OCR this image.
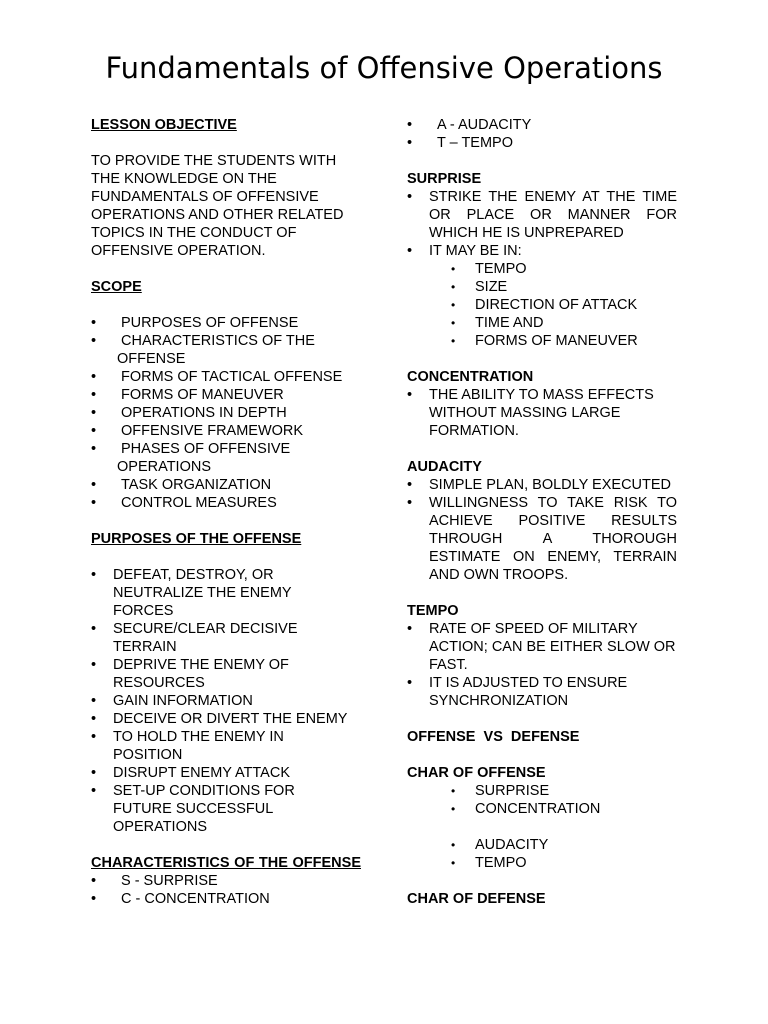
Fundamentals of Offensive Operations

LESSON OBJECTIVE

TO PROVIDE THE STUDENTS WITH THE KNOWLEDGE ON THE FUNDAMENTALS OF OFFENSIVE OPERATIONS AND OTHER RELATED TOPICS IN THE CONDUCT OF OFFENSIVE OPERATION.

SCOPE

• PURPOSES OF OFFENSE
• CHARACTERISTICS OF THE OFFENSE
• FORMS OF TACTICAL OFFENSE
• FORMS OF MANEUVER
• OPERATIONS IN DEPTH
• OFFENSIVE FRAMEWORK
• PHASES OF OFFENSIVE OPERATIONS
• TASK ORGANIZATION
• CONTROL MEASURES

PURPOSES OF THE OFFENSE

• DEFEAT, DESTROY, OR NEUTRALIZE THE ENEMY FORCES
• SECURE/CLEAR DECISIVE TERRAIN
• DEPRIVE THE ENEMY OF RESOURCES
• GAIN INFORMATION
• DECEIVE OR DIVERT THE ENEMY
• TO HOLD THE ENEMY IN POSITION
• DISRUPT ENEMY ATTACK
• SET-UP CONDITIONS FOR FUTURE SUCCESSFUL OPERATIONS

CHARACTERISTICS OF THE OFFENSE

• S - SURPRISE
• C - CONCENTRATION
• A - AUDACITY
• T – TEMPO

SURPRISE

• STRIKE THE ENEMY AT THE TIME OR PLACE OR MANNER FOR WHICH HE IS UNPREPARED
• IT MAY BE IN:
• TEMPO
• SIZE
• DIRECTION OF ATTACK
• TIME AND
• FORMS OF MANEUVER

CONCENTRATION

• THE ABILITY TO MASS EFFECTS WITHOUT MASSING LARGE FORMATION.

AUDACITY

• SIMPLE PLAN, BOLDLY EXECUTED
• WILLINGNESS TO TAKE RISK TO ACHIEVE POSITIVE RESULTS THROUGH A THOROUGH ESTIMATE ON ENEMY, TERRAIN AND OWN TROOPS.

TEMPO

• RATE OF SPEED OF MILITARY ACTION; CAN BE EITHER SLOW OR FAST.
• IT IS ADJUSTED TO ENSURE SYNCHRONIZATION

OFFENSE  VS  DEFENSE

CHAR OF OFFENSE

• SURPRISE
• CONCENTRATION
• AUDACITY
• TEMPO

CHAR OF DEFENSE
